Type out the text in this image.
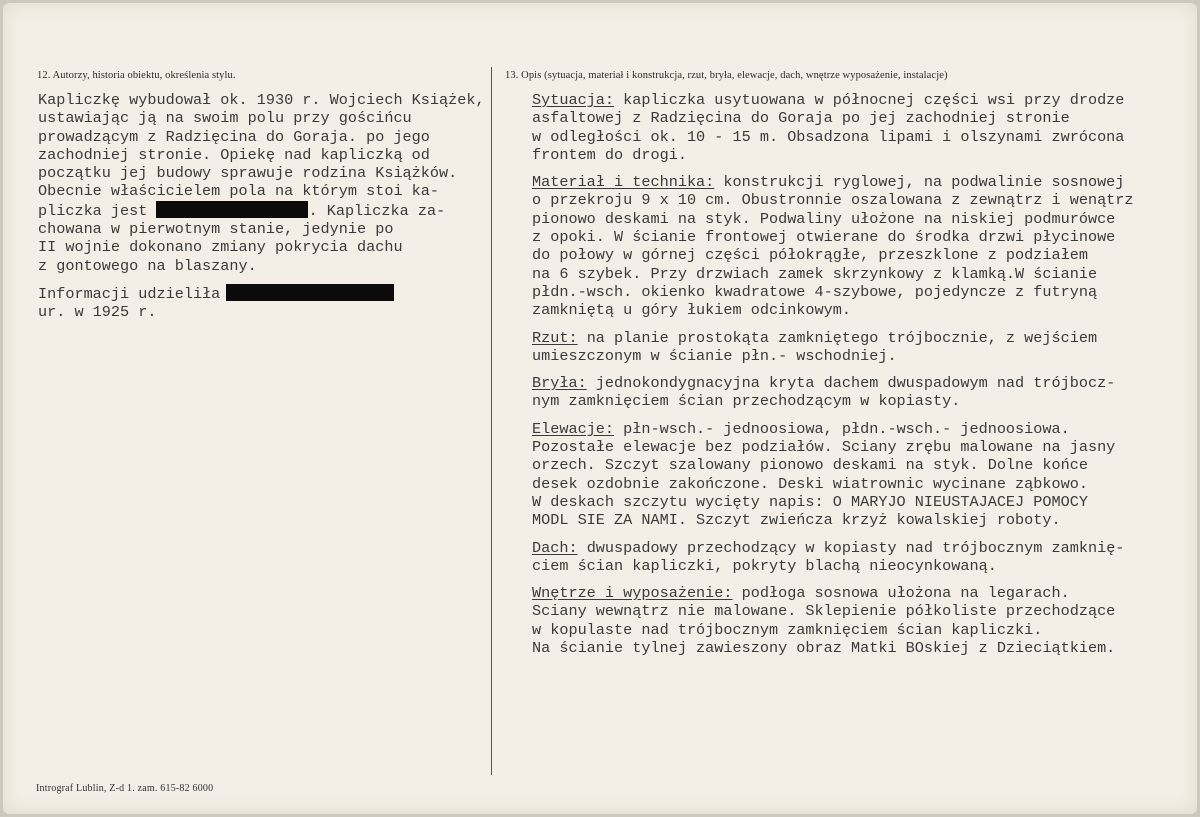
12. Autorzy, historia obiektu, określenia stylu.	13. Opis (sytuacja, materiał i konstrukcja, rzut, bryła, elewacje, dach, wnętrze wyposażenie, instalacje)

Kapliczkę wybudował ok. 1930 r. Wojciech Książek,
ustawiając ją na swoim polu przy gościńcu
prowadzącym z Radzięcina do Goraja. po jego
zachodniej stronie. Opiekę nad kapliczką od
początku jej budowy sprawuje rodzina Książków.
Obecnie właścicielem pola na którym stoi ka-
pliczka jest	. Kapliczka za-
chowana w pierwotnym stanie, jedynie po
II wojnie dokonano zmiany pokrycia dachu
z gontowego na blaszany.

Informacji udzieliła
ur. w 1925 r.

Sytuacja: kapliczka usytuowana w północnej części wsi przy drodze
asfaltowej z Radzięcina do Goraja po jej zachodniej stronie
w odległości ok. 10 - 15 m. Obsadzona lipami i olszynami zwrócona
frontem do drogi.

Materiał i technika: konstrukcji ryglowej, na podwalinie sosnowej
o przekroju 9 x 10 cm. Obustronnie oszalowana z zewnątrz i wenątrz
pionowo deskami na styk. Podwaliny ułożone na niskiej podmurówce
z opoki. W ścianie frontowej otwierane do środka drzwi płycinowe
do połowy w górnej części półokrągłe, przeszklone z podziałem
na 6 szybek. Przy drzwiach zamek skrzynkowy z klamką.W ścianie
płdn.-wsch. okienko kwadratowe 4-szybowe, pojedyncze z futryną
zamkniętą u góry łukiem odcinkowym.

Rzut: na planie prostokąta zamkniętego trójbocznie, z wejściem
umieszczonym w ścianie płn.- wschodniej.

Bryła: jednokondygnacyjna kryta dachem dwuspadowym nad trójbocz-
nym zamknięciem ścian przechodzącym w kopiasty.

Elewacje: płn-wsch.- jednoosiowa, płdn.-wsch.- jednoosiowa.
Pozostałe elewacje bez podziałów. Sciany zrębu malowane na jasny
orzech. Szczyt szalowany pionowo deskami na styk. Dolne końce
desek ozdobnie zakończone. Deski wiatrownic wycinane ząbkowo.
W deskach szczytu wycięty napis: O MARYJO NIEUSTAJACEJ POMOCY
MODL SIE ZA NAMI. Szczyt zwieńcza krzyż kowalskiej roboty.

Dach: dwuspadowy przechodzący w kopiasty nad trójbocznym zamknię-
ciem ścian kapliczki, pokryty blachą nieocynkowaną.

Wnętrze i wyposażenie: podłoga sosnowa ułożona na legarach.
Sciany wewnątrz nie malowane. Sklepienie półkoliste przechodzące
w kopulaste nad trójbocznym zamknięciem ścian kapliczki.
Na ścianie tylnej zawieszony obraz Matki BOskiej z Dzieciątkiem.

Intrograf Lublin, Z-d 1. zam. 615-82 6000
